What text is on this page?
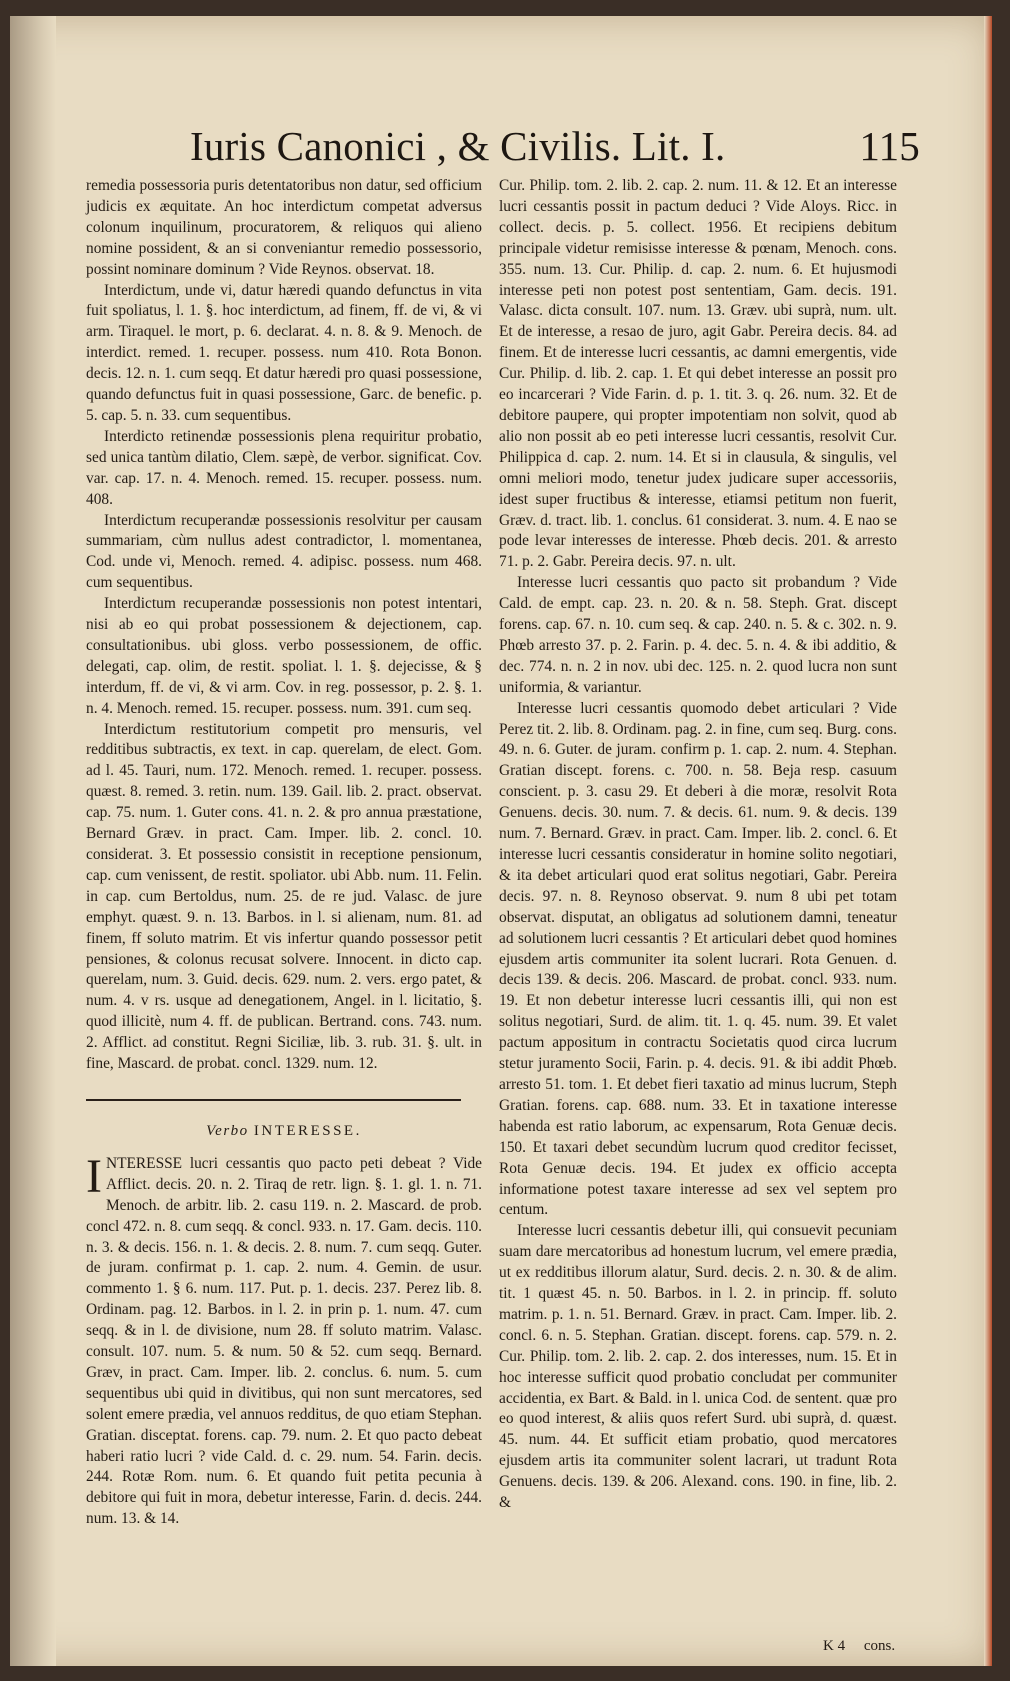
Iuris Canonici , & Civilis. Lit. I.	115

remedia possessoria puris detentatoribus non datur, sed officium judicis ex æquitate. An hoc interdictum competat adversus colonum inquilinum, procuratorem, & reliquos qui alieno nomine possident, & an si conveniantur remedio possessorio, possint nominare dominum ? Vide Reynos. observat. 18.

Interdictum, unde vi, datur hæredi quando defunctus in vita fuit spoliatus, l. 1. §. hoc interdictum, ad finem, ff. de vi, & vi arm. Tiraquel. le mort, p. 6. declarat. 4. n. 8. & 9. Menoch. de interdict. remed. 1. recuper. possess. num 410. Rota Bonon. decis. 12. n. 1. cum seqq. Et datur hæredi pro quasi possessione, quando defunctus fuit in quasi possessione, Garc. de benefic. p. 5. cap. 5. n. 33. cum sequentibus.

Interdicto retinendæ possessionis plena requiritur probatio, sed unica tantùm dilatio, Clem. sæpè, de verbor. significat. Cov. var. cap. 17. n. 4. Menoch. remed. 15. recuper. possess. num. 408.

Interdictum recuperandæ possessionis resolvitur per causam summariam, cùm nullus adest contradictor, l. momentanea, Cod. unde vi, Menoch. remed. 4. adipisc. possess. num 468. cum sequentibus.

Interdictum recuperandæ possessionis non potest intentari, nisi ab eo qui probat possessionem & dejectionem, cap. consultationibus. ubi gloss. verbo possessionem, de offic. delegati, cap. olim, de restit. spoliat. l. 1. §. dejecisse, & § interdum, ff. de vi, & vi arm. Cov. in reg. possessor, p. 2. §. 1. n. 4. Menoch. remed. 15. recuper. possess. num. 391. cum seq.

Interdictum restitutorium competit pro mensuris, vel redditibus subtractis, ex text. in cap. querelam, de elect. Gom. ad l. 45. Tauri, num. 172. Menoch. remed. 1. recuper. possess. quæst. 8. remed. 3. retin. num. 139. Gail. lib. 2. pract. observat. cap. 75. num. 1. Guter cons. 41. n. 2. & pro annua præstatione, Bernard Græv. in pract. Cam. Imper. lib. 2. concl. 10. considerat. 3. Et possessio consistit in receptione pensionum, cap. cum venissent, de restit. spoliator. ubi Abb. num. 11. Felin. in cap. cum Bertoldus, num. 25. de re jud. Valasc. de jure emphyt. quæst. 9. n. 13. Barbos. in l. si alienam, num. 81. ad finem, ff soluto matrim. Et vis infertur quando possessor petit pensiones, & colonus recusat solvere. Innocent. in dicto cap. querelam, num. 3. Guid. decis. 629. num. 2. vers. ergo patet, & num. 4. v rs. usque ad denegationem, Angel. in l. licitatio, §. quod illicitè, num 4. ff. de publican. Bertrand. cons. 743. num. 2. Afflict. ad constitut. Regni Siciliæ, lib. 3. rub. 31. §. ult. in fine, Mascard. de probat. concl. 1329. num. 12.

Verbo INTERESSE.

INTERESSE lucri cessantis quo pacto peti debeat ? Vide Afflict. decis. 20. n. 2. Tiraq de retr. lign. §. 1. gl. 1. n. 71. Menoch. de arbitr. lib. 2. casu 119. n. 2. Mascard. de prob. concl 472. n. 8. cum seqq. & concl. 933. n. 17. Gam. decis. 110. n. 3. & decis. 156. n. 1. & decis. 2. 8. num. 7. cum seqq. Guter. de juram. confirmat p. 1. cap. 2. num. 4. Gemin. de usur. commento 1. § 6. num. 117. Put. p. 1. decis. 237. Perez lib. 8. Ordinam. pag. 12. Barbos. in l. 2. in prin p. 1. num. 47. cum seqq. & in l. de divisione, num 28. ff soluto matrim. Valasc. consult. 107. num. 5. & num. 50 & 52. cum seqq. Bernard. Græv, in pract. Cam. Imper. lib. 2. conclus. 6. num. 5. cum sequentibus ubi quid in divitibus, qui non sunt mercatores, sed solent emere prædia, vel annuos redditus, de quo etiam Stephan. Gratian. disceptat. forens. cap. 79. num. 2. Et quo pacto debeat haberi ratio lucri ? vide Cald. d. c. 29. num. 54. Farin. decis. 244. Rotæ Rom. num. 6. Et quando fuit petita pecunia à debitore qui fuit in mora, debetur interesse, Farin. d. decis. 244. num. 13. & 14.

Cur. Philip. tom. 2. lib. 2. cap. 2. num. 11. & 12. Et an interesse lucri cessantis possit in pactum deduci ? Vide Aloys. Ricc. in collect. decis. p. 5. collect. 1956. Et recipiens debitum principale videtur remisisse interesse & pœnam, Menoch. cons. 355. num. 13. Cur. Philip. d. cap. 2. num. 6. Et hujusmodi interesse peti non potest post sententiam, Gam. decis. 191. Valasc. dicta consult. 107. num. 13. Græv. ubi suprà, num. ult. Et de interesse, a resao de juro, agit Gabr. Pereira decis. 84. ad finem. Et de interesse lucri cessantis, ac damni emergentis, vide Cur. Philip. d. lib. 2. cap. 1. Et qui debet interesse an possit pro eo incarcerari ? Vide Farin. d. p. 1. tit. 3. q. 26. num. 32. Et de debitore paupere, qui propter impotentiam non solvit, quod ab alio non possit ab eo peti interesse lucri cessantis, resolvit Cur. Philippica d. cap. 2. num. 14. Et si in clausula, & singulis, vel omni meliori modo, tenetur judex judicare super accessoriis, idest super fructibus & interesse, etiamsi petitum non fuerit, Græv. d. tract. lib. 1. conclus. 61 considerat. 3. num. 4. E nao se pode levar interesses de interesse. Phœb decis. 201. & arresto 71. p. 2. Gabr. Pereira decis. 97. n. ult.

Interesse lucri cessantis quo pacto sit probandum ? Vide Cald. de empt. cap. 23. n. 20. & n. 58. Steph. Grat. discept forens. cap. 67. n. 10. cum seq. & cap. 240. n. 5. & c. 302. n. 9. Phœb arresto 37. p. 2. Farin. p. 4. dec. 5. n. 4. & ibi additio, & dec. 774. n. n. 2 in nov. ubi dec. 125. n. 2. quod lucra non sunt uniformia, & variantur.

Interesse lucri cessantis quomodo debet articulari ? Vide Perez tit. 2. lib. 8. Ordinam. pag. 2. in fine, cum seq. Burg. cons. 49. n. 6. Guter. de juram. confirm p. 1. cap. 2. num. 4. Stephan. Gratian discept. forens. c. 700. n. 58. Beja resp. casuum conscient. p. 3. casu 29. Et deberi à die moræ, resolvit Rota Genuens. decis. 30. num. 7. & decis. 61. num. 9. & decis. 139 num. 7. Bernard. Græv. in pract. Cam. Imper. lib. 2. concl. 6. Et interesse lucri cessantis consideratur in homine solito negotiari, & ita debet articulari quod erat solitus negotiari, Gabr. Pereira decis. 97. n. 8. Reynoso observat. 9. num 8 ubi pet totam observat. disputat, an obligatus ad solutionem damni, teneatur ad solutionem lucri cessantis ? Et articulari debet quod homines ejusdem artis communiter ita solent lucrari. Rota Genuen. d. decis 139. & decis. 206. Mascard. de probat. concl. 933. num. 19. Et non debetur interesse lucri cessantis illi, qui non est solitus negotiari, Surd. de alim. tit. 1. q. 45. num. 39. Et valet pactum appositum in contractu Societatis quod circa lucrum stetur juramento Socii, Farin. p. 4. decis. 91. & ibi addit Phœb. arresto 51. tom. 1. Et debet fieri taxatio ad minus lucrum, Steph Gratian. forens. cap. 688. num. 33. Et in taxatione interesse habenda est ratio laborum, ac expensarum, Rota Genuæ decis. 150. Et taxari debet secundùm lucrum quod creditor fecisset, Rota Genuæ decis. 194. Et judex ex officio accepta informatione potest taxare interesse ad sex vel septem pro centum.

Interesse lucri cessantis debetur illi, qui consuevit pecuniam suam dare mercatoribus ad honestum lucrum, vel emere prædia, ut ex redditibus illorum alatur, Surd. decis. 2. n. 30. & de alim. tit. 1 quæst 45. n. 50. Barbos. in l. 2. in princip. ff. soluto matrim. p. 1. n. 51. Bernard. Græv. in pract. Cam. Imper. lib. 2. concl. 6. n. 5. Stephan. Gratian. discept. forens. cap. 579. n. 2. Cur. Philip. tom. 2. lib. 2. cap. 2. dos interesses, num. 15. Et in hoc interesse sufficit quod probatio concludat per communiter accidentia, ex Bart. & Bald. in l. unica Cod. de sentent. quæ pro eo quod interest, & aliis quos refert Surd. ubi suprà, d. quæst. 45. num. 44. Et sufficit etiam probatio, quod mercatores ejusdem artis ita communiter solent lacrari, ut tradunt Rota Genuens. decis. 139. & 206. Alexand. cons. 190. in fine, lib. 2. &

K 4 cons.
